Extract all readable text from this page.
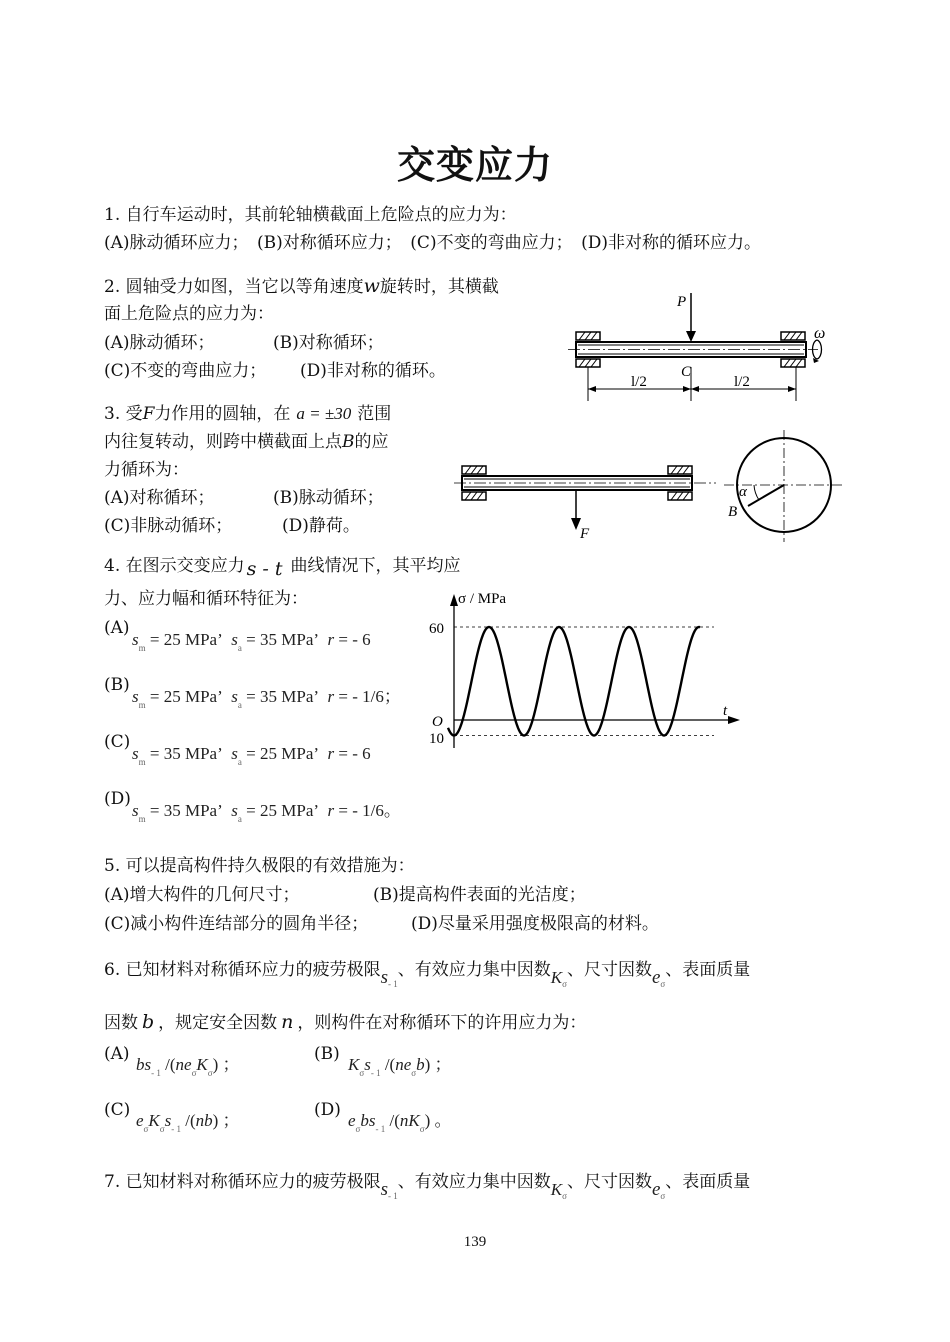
交变应力
1. 自行车运动时，其前轮轴横截面上危险点的应力为：
(A)脉动循环应力；　(B)对称循环应力；　(C)不变的弯曲应力；　(D)非对称的循环应力。
2. 圆轴受力如图，当它以等角速度w旋转时，其横截
面上危险点的应力为：
(A)脉动循环；	(B)对称循环；
(C)不变的弯曲应力； (D)非对称的循环。
P
C
ω
l/2	l/2
3. 受F力作用的圆轴，在 a = ±30 范围
内往复转动，则跨中横截面上点B的应
力循环为：
(A)对称循环；	(B)脉动循环；
(C)非脉动循环；	(D)静荷。	F
α
B
4. 在图示交变应力 s - t 曲线情况下，其平均应
力、应力幅和循环特征为：
(A)
$s_m = 25$ MPa’  $s_a = 35$ MPa’  r = - 6
(B)
$s_m = 25$ MPa’  $s_a = 35$ MPa’  r = - 1/6；
(C)
$s_m = 35$ MPa’  $s_a = 25$ MPa’  r = - 6
(D)
$s_m = 35$ MPa’  $s_a = 25$ MPa’  r = - 1/6。
σ / MPa
t
O
60
10
5. 可以提高构件持久极限的有效措施为：
(A)增大构件的几何尺寸；	(B)提高构件表面的光洁度；
(C)减小构件连结部分的圆角半径；	(D)尽量采用强度极限高的材料。
6. 已知材料对称循环应力的疲劳极限$s_{- 1}$、有效应力集中因数$K_\sigma$、尺寸因数$e_\sigma$、表面质量
因数 b ，规定安全因数 n ，则构件在对称循环下的许用应力为：
(A)
$bs_{- 1}$ $/(ne_\sigma K_\sigma)$ ；
(B)
$K_\sigma s_{- 1}$ $/(ne_\sigma b)$ ；
(C)
$e_\sigma K_\sigma s_{- 1}$ /(nb) ；
(D)
$e_\sigma bs_{- 1}$ $/(nK_\sigma)$ 。
7. 已知材料对称循环应力的疲劳极限$s_{- 1}$、有效应力集中因数$K_\sigma$、尺寸因数$e_\sigma$、表面质量
139
